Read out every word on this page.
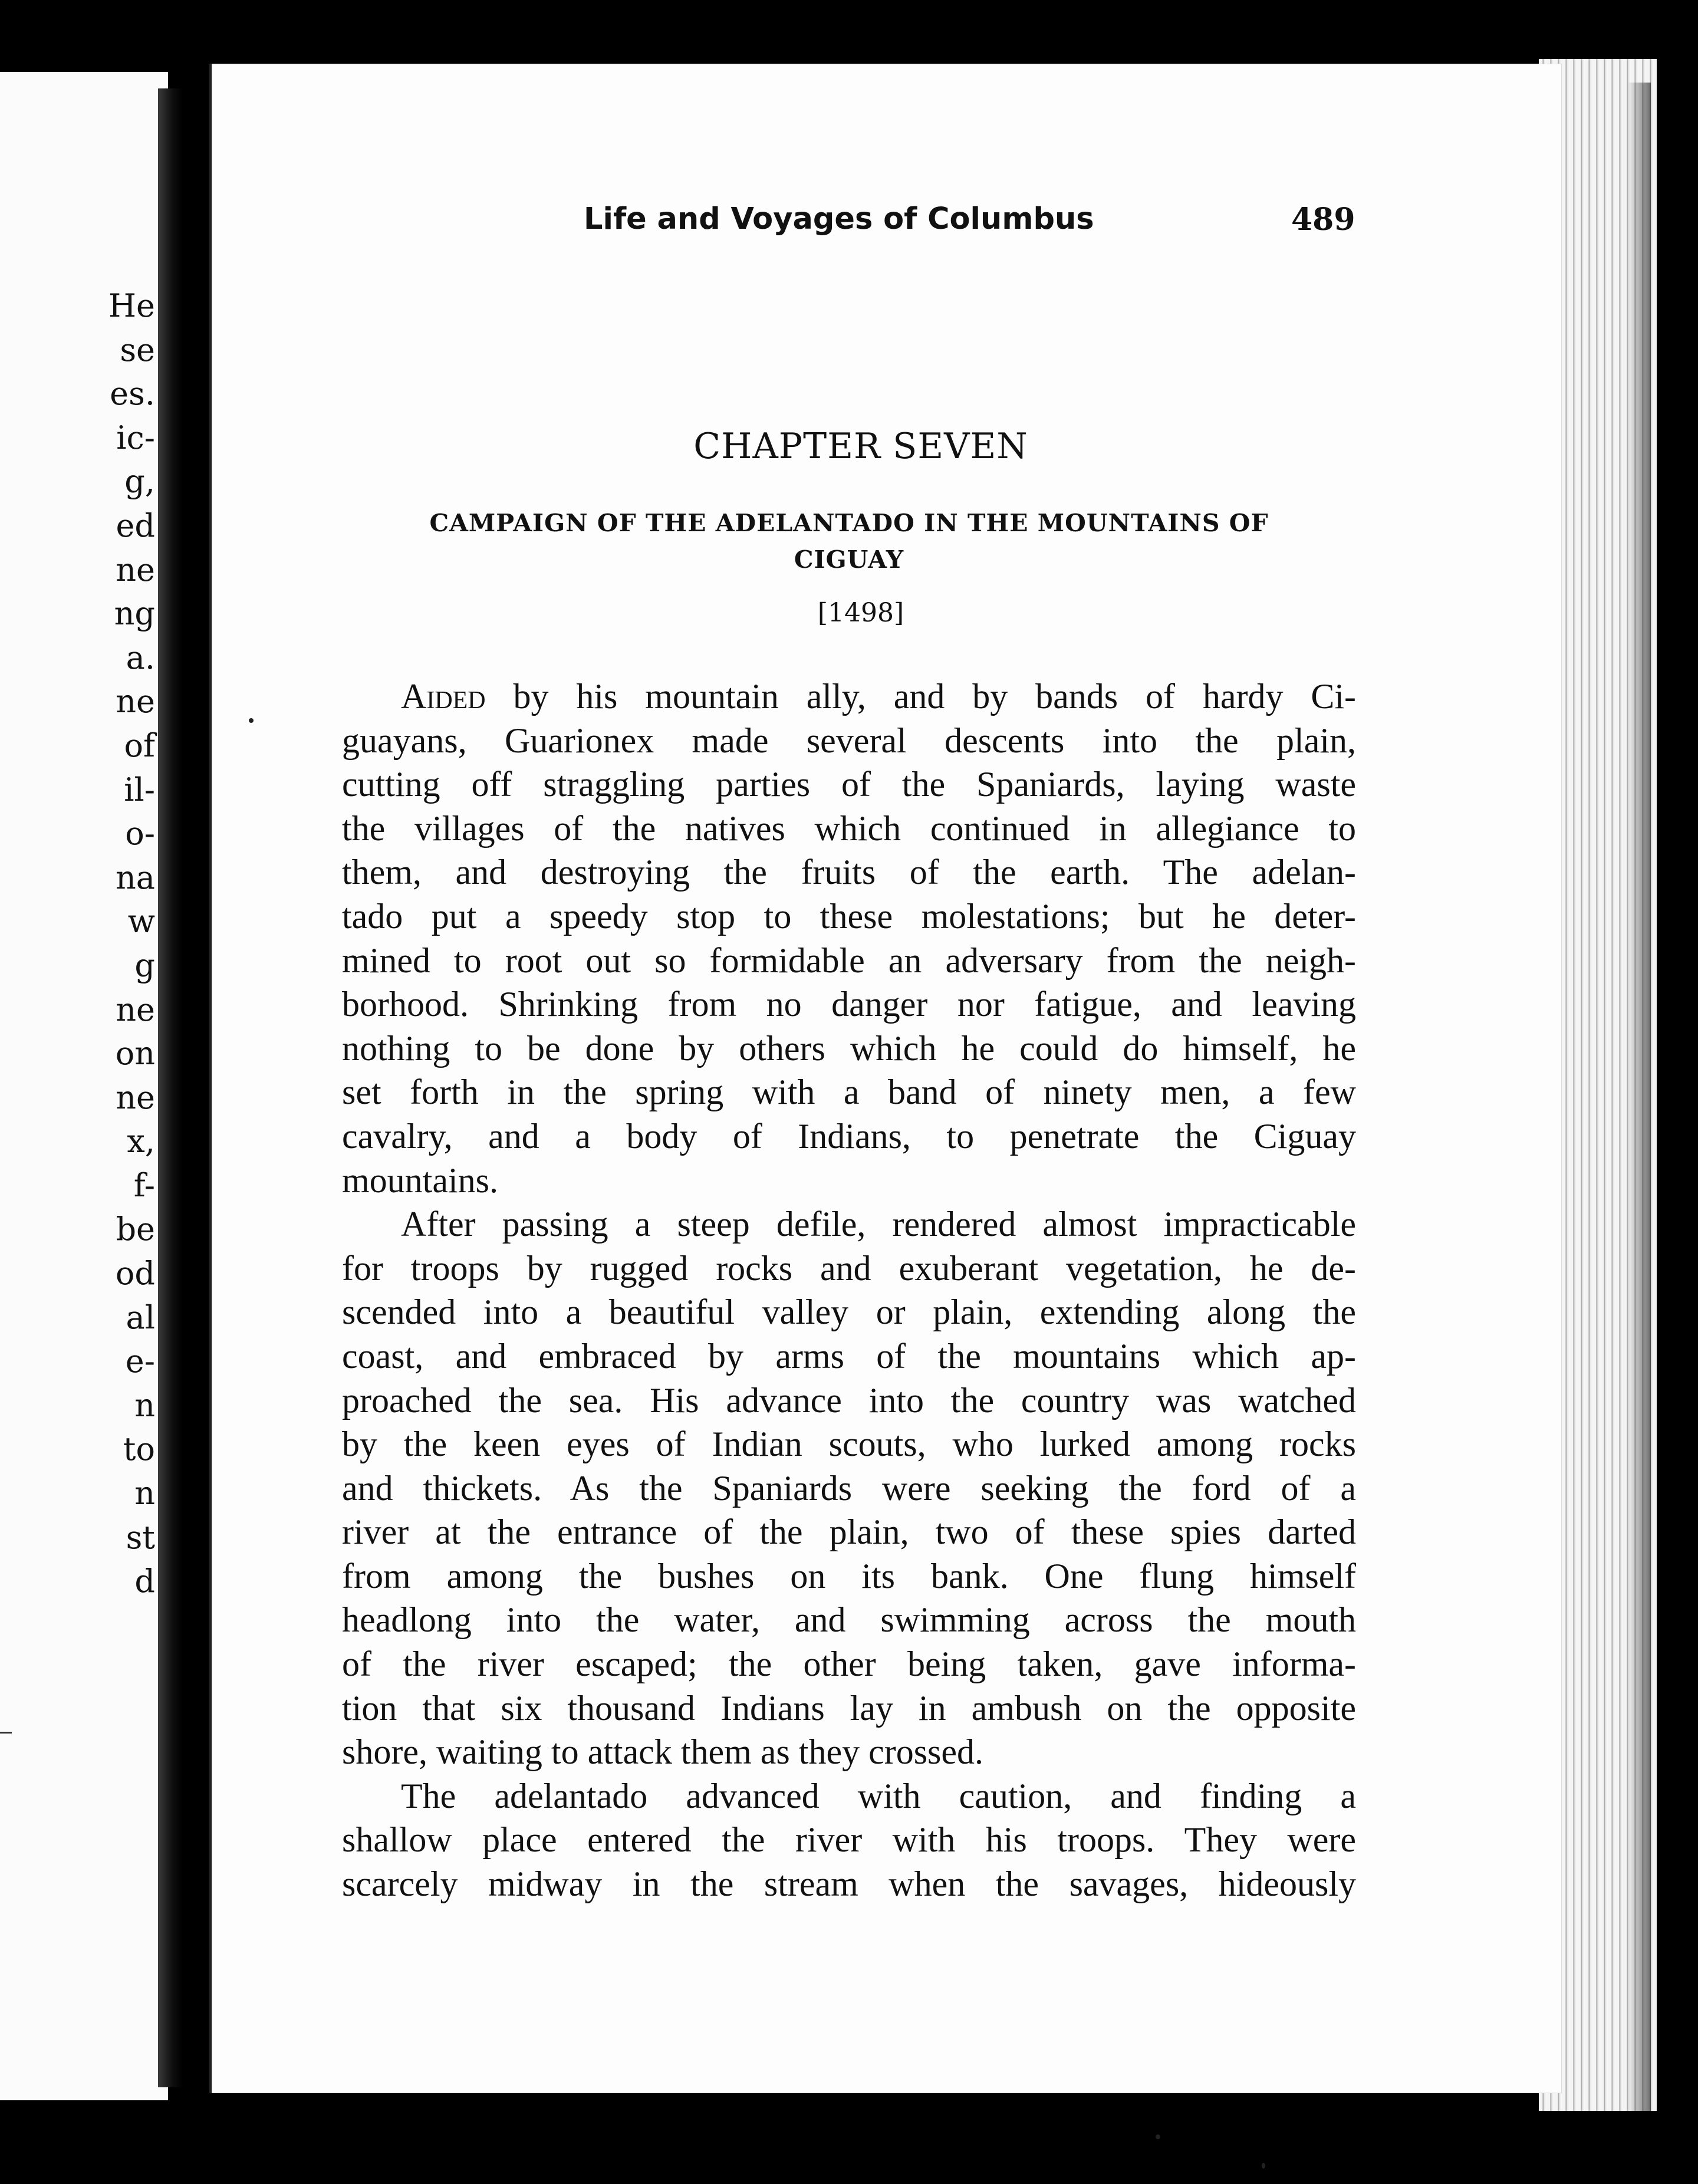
He
se
es.
ic-
g,
ed
ne
ng
a.
ne
of
il-
o-
na
w
g
ne
on
ne
x,
f-
be
od
al
e-
n
to
n
st
d
Life and Voyages of Columbus	489
CHAPTER SEVEN
CAMPAIGN OF THE ADELANTADO IN THE MOUNTAINS OF
CIGUAY
[1498]
Aided by his mountain ally, and by bands of hardy Ci-
guayans, Guarionex made several descents into the plain,
cutting off straggling parties of the Spaniards, laying waste
the villages of the natives which continued in allegiance to
them, and destroying the fruits of the earth. The adelan-
tado put a speedy stop to these molestations; but he deter-
mined to root out so formidable an adversary from the neigh-
borhood. Shrinking from no danger nor fatigue, and leaving
nothing to be done by others which he could do himself, he
set forth in the spring with a band of ninety men, a few
cavalry, and a body of Indians, to penetrate the Ciguay
mountains.
After passing a steep defile, rendered almost impracticable
for troops by rugged rocks and exuberant vegetation, he de-
scended into a beautiful valley or plain, extending along the
coast, and embraced by arms of the mountains which ap-
proached the sea. His advance into the country was watched
by the keen eyes of Indian scouts, who lurked among rocks
and thickets. As the Spaniards were seeking the ford of a
river at the entrance of the plain, two of these spies darted
from among the bushes on its bank. One flung himself
headlong into the water, and swimming across the mouth
of the river escaped; the other being taken, gave informa-
tion that six thousand Indians lay in ambush on the opposite
shore, waiting to attack them as they crossed.
The adelantado advanced with caution, and finding a
shallow place entered the river with his troops. They were
scarcely midway in the stream when the savages, hideously
